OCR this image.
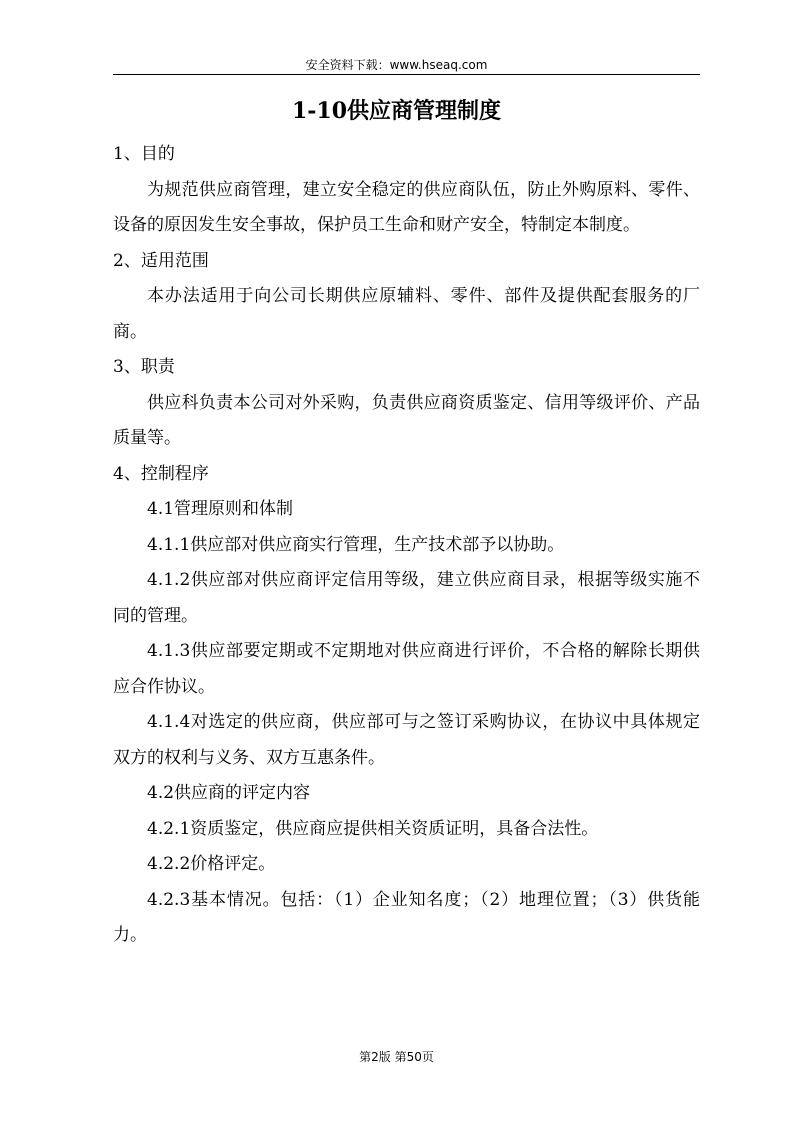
安全资料下载：www.hseaq.com
1-10供应商管理制度

1、目的

为规范供应商管理，建立安全稳定的供应商队伍，防止外购原料、零件、设备的原因发生安全事故，保护员工生命和财产安全，特制定本制度。

2、适用范围

本办法适用于向公司长期供应原辅料、零件、部件及提供配套服务的厂商。

3、职责

供应科负责本公司对外采购，负责供应商资质鉴定、信用等级评价、产品质量等。

4、控制程序

4.1管理原则和体制

4.1.1供应部对供应商实行管理，生产技术部予以协助。

4.1.2供应部对供应商评定信用等级，建立供应商目录，根据等级实施不同的管理。

4.1.3供应部要定期或不定期地对供应商进行评价，不合格的解除长期供应合作协议。

4.1.4对选定的供应商，供应部可与之签订采购协议，在协议中具体规定双方的权利与义务、双方互惠条件。

4.2供应商的评定内容

4.2.1资质鉴定，供应商应提供相关资质证明，具备合法性。

4.2.2价格评定。

4.2.3基本情况。包括：（1）企业知名度；（2）地理位置；（3）供货能力。

第2版 第50页
